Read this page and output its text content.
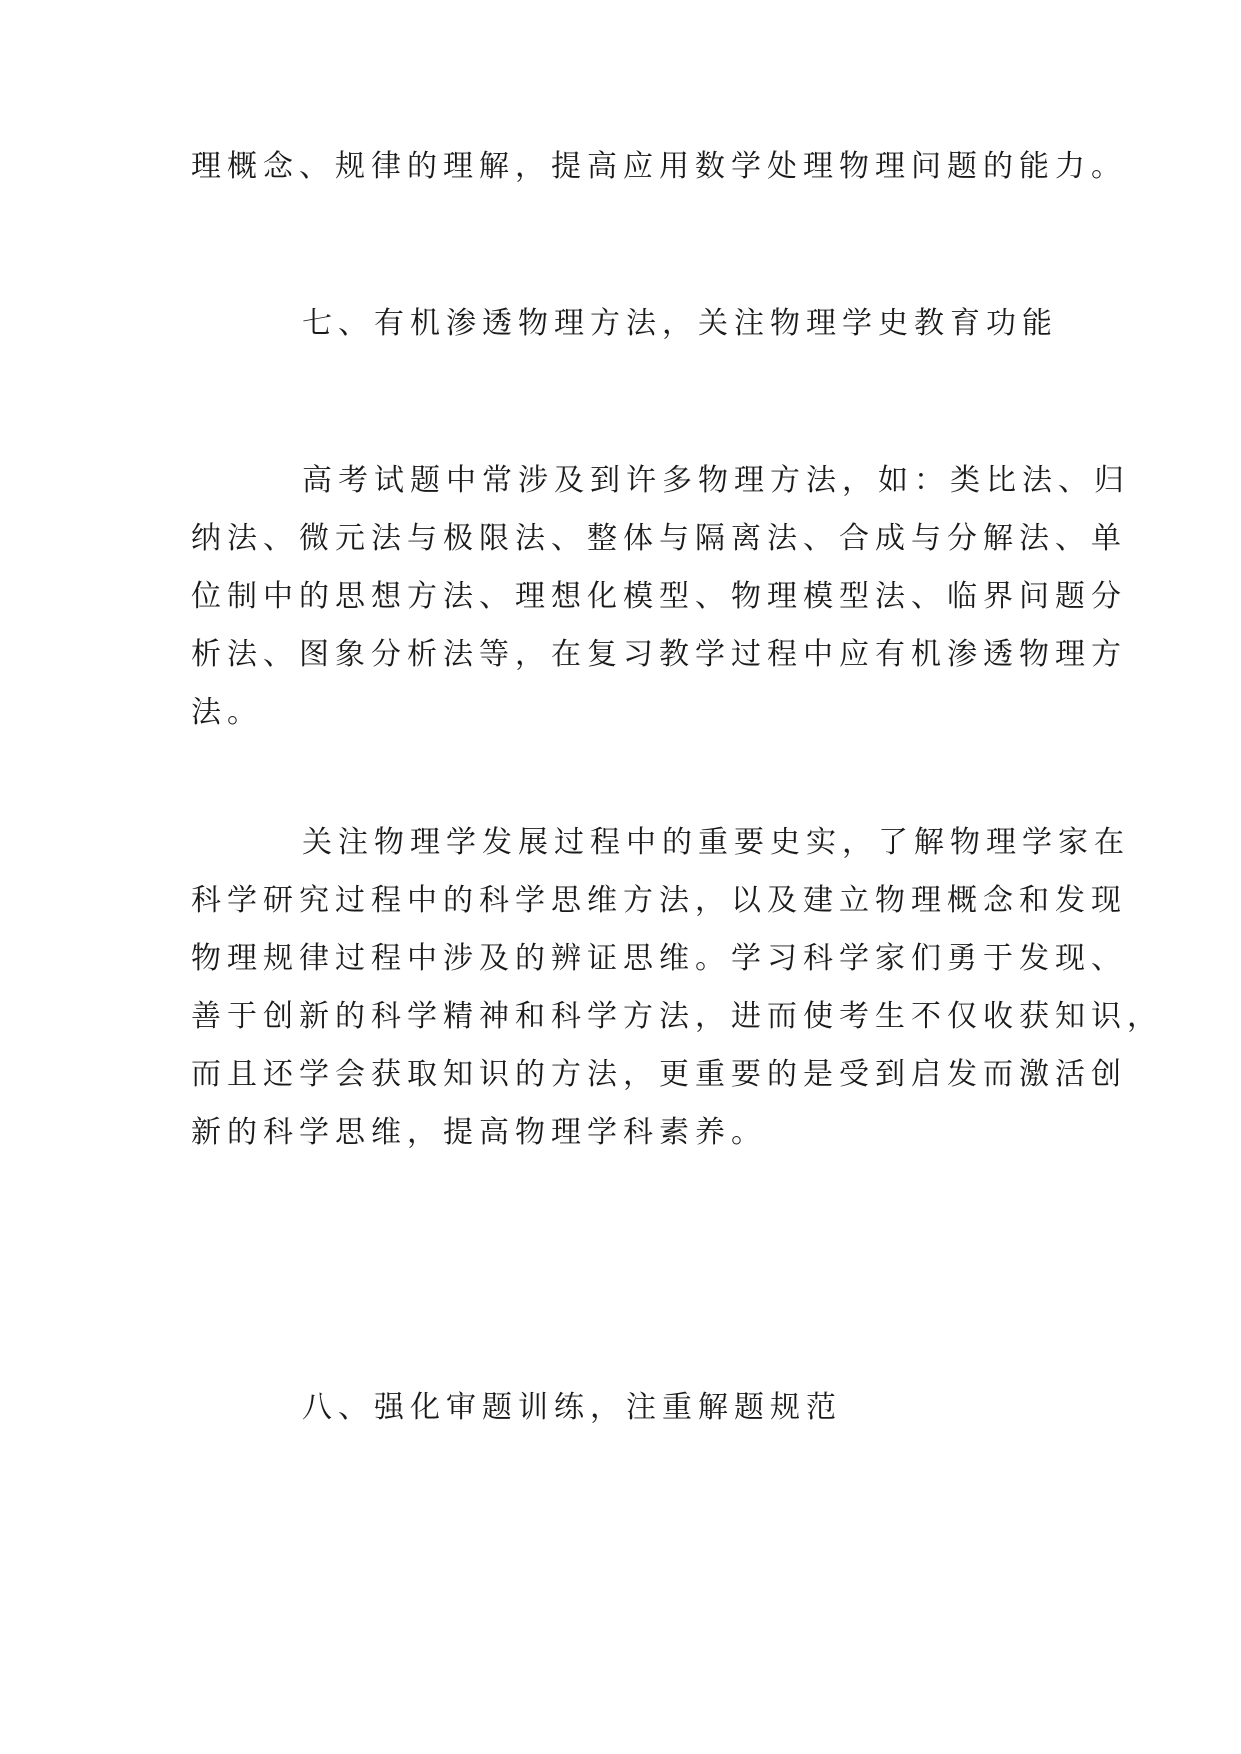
理概念、规律的理解，提高应用数学处理物理问题的能力。

七、有机渗透物理方法，关注物理学史教育功能

高考试题中常涉及到许多物理方法，如：类比法、归
纳法、微元法与极限法、整体与隔离法、合成与分解法、单
位制中的思想方法、理想化模型、物理模型法、临界问题分
析法、图象分析法等，在复习教学过程中应有机渗透物理方
法。
关注物理学发展过程中的重要史实，了解物理学家在
科学研究过程中的科学思维方法，以及建立物理概念和发现
物理规律过程中涉及的辨证思维。学习科学家们勇于发现、
善于创新的科学精神和科学方法，进而使考生不仅收获知识，
而且还学会获取知识的方法，更重要的是受到启发而激活创
新的科学思维，提高物理学科素养。

八、强化审题训练，注重解题规范
